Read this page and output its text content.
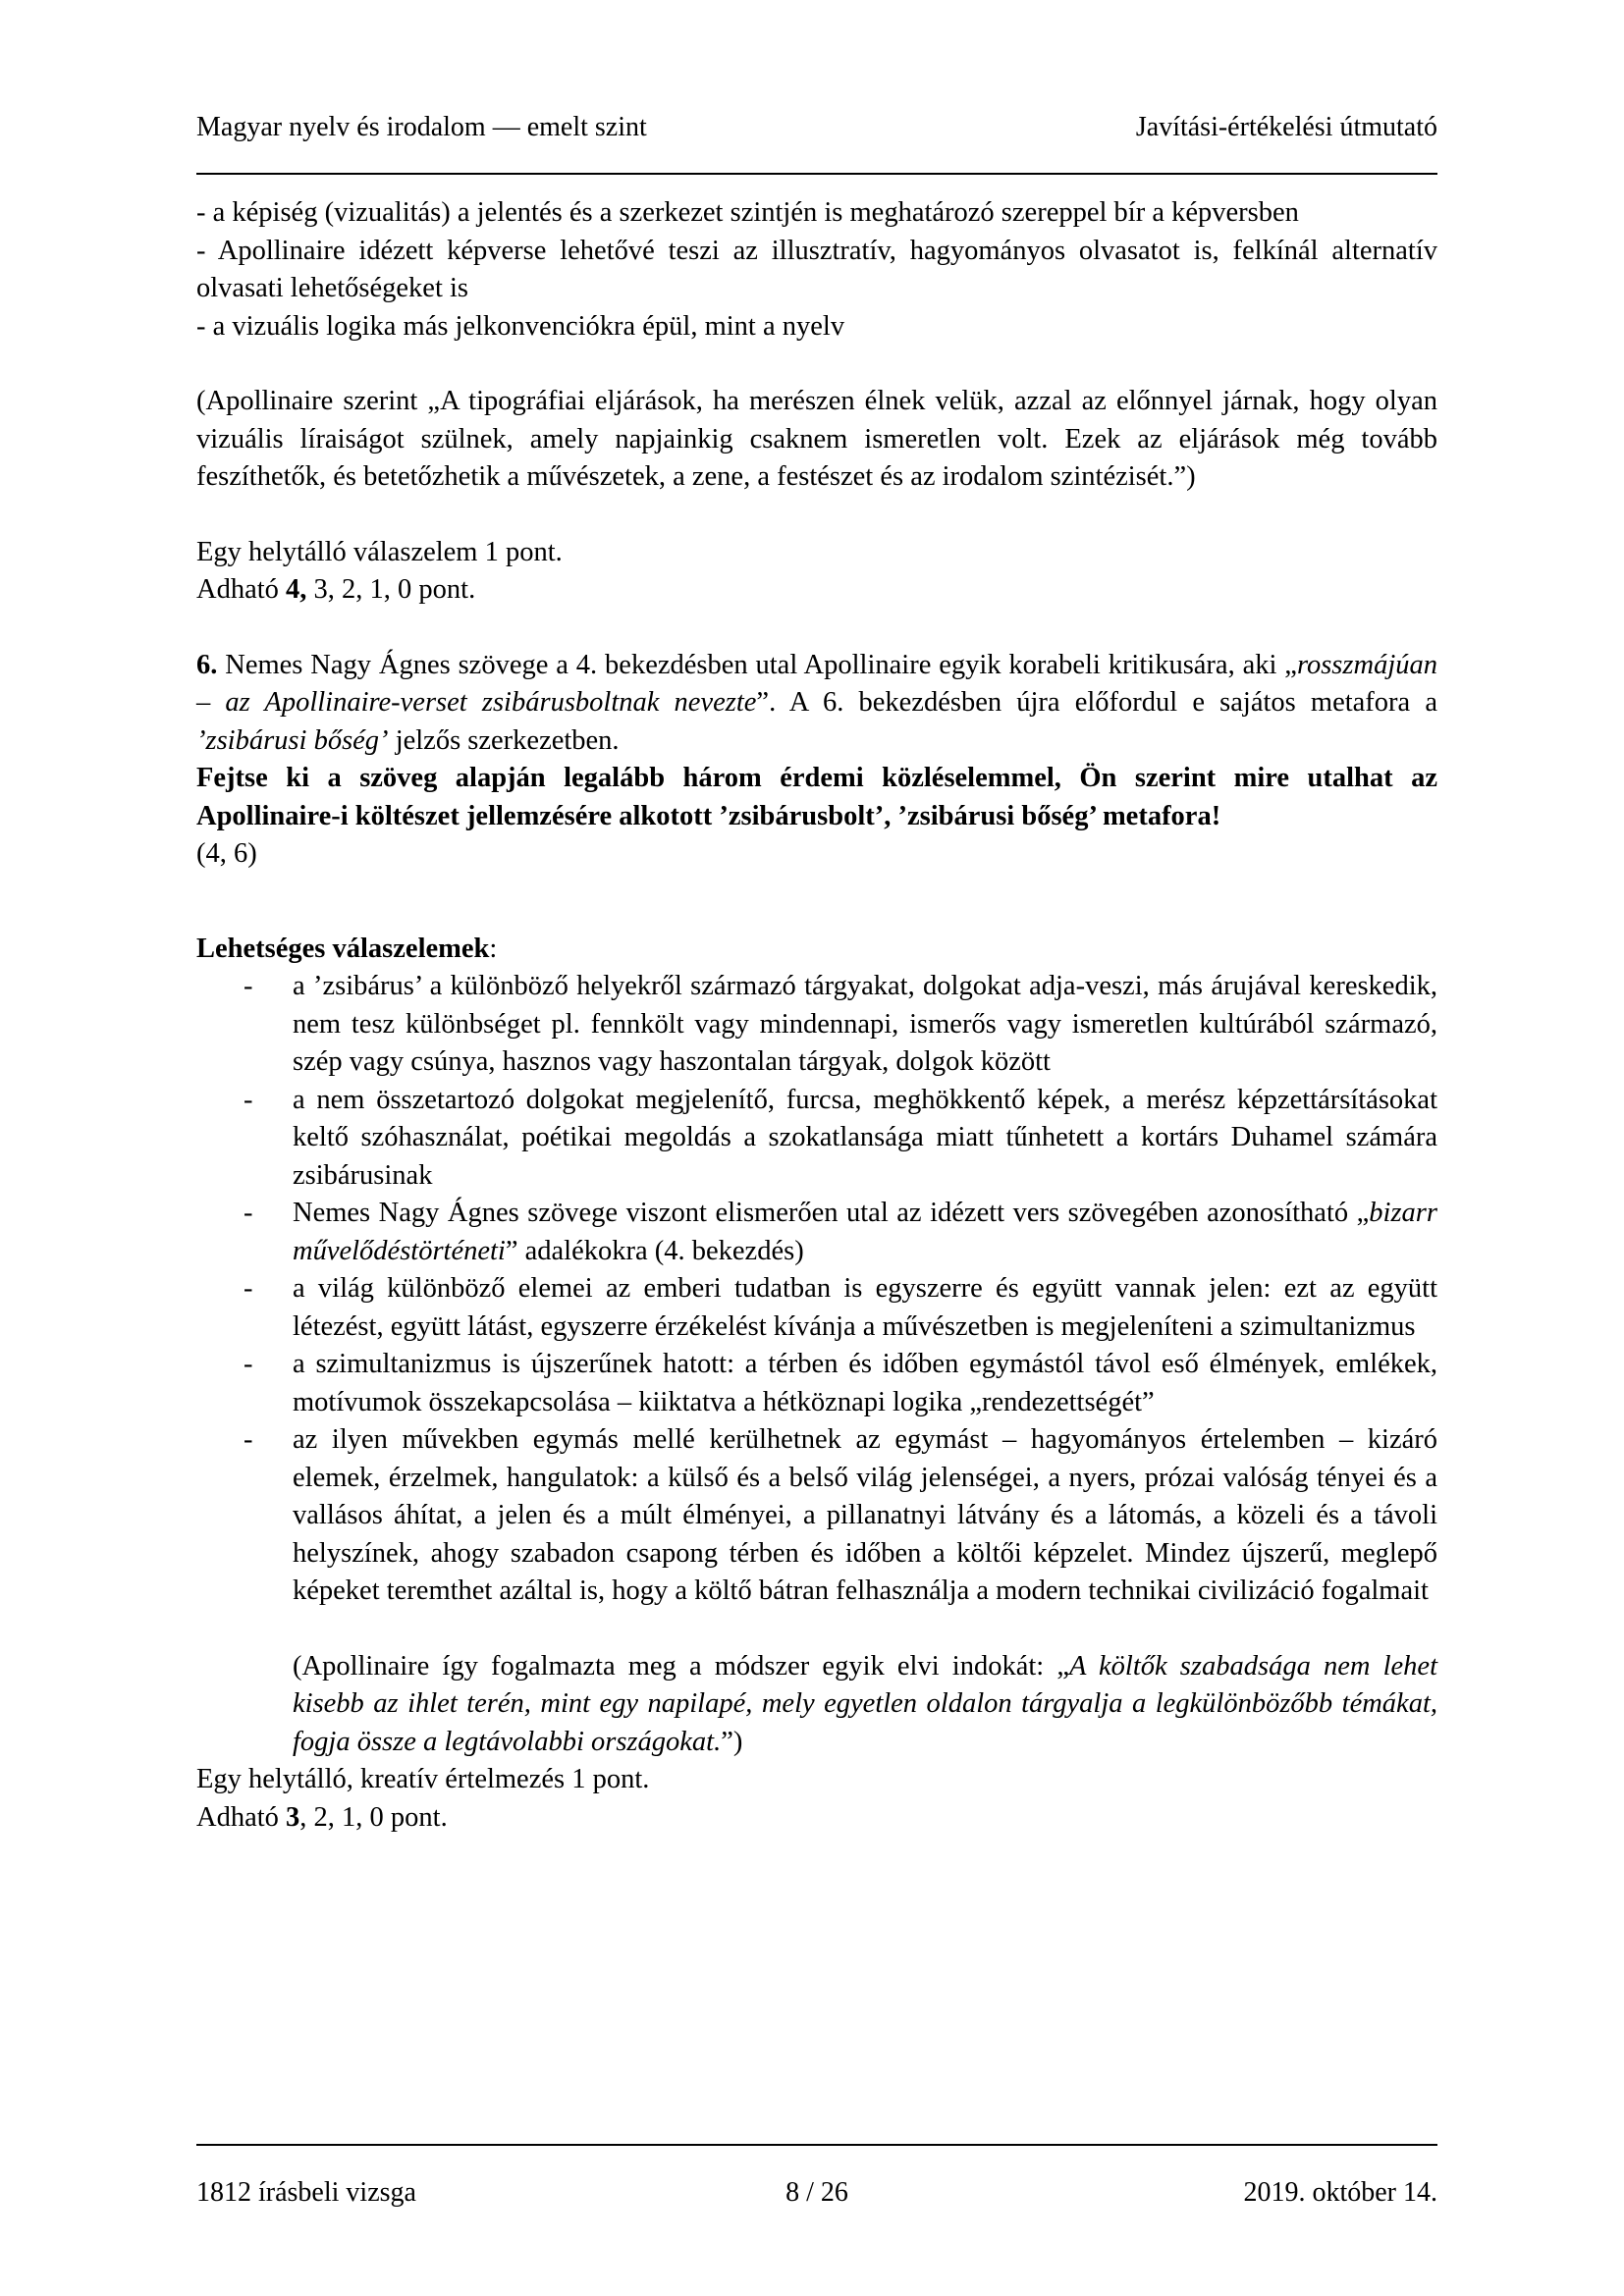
Magyar nyelv és irodalom — emelt szint	Javítási-értékelési útmutató

- a képiség (vizualitás) a jelentés és a szerkezet szintjén is meghatározó szereppel bír a képversben

- Apollinaire idézett képverse lehetővé teszi az illusztratív, hagyományos olvasatot is, felkínál alternatív olvasati lehetőségeket is

- a vizuális logika más jelkonvenciókra épül, mint a nyelv

(Apollinaire szerint „A tipográfiai eljárások, ha merészen élnek velük, azzal az előnnyel járnak, hogy olyan vizuális líraiságot szülnek, amely napjainkig csaknem ismeretlen volt. Ezek az eljárások még tovább feszíthetők, és betetőzhetik a művészetek, a zene, a festészet és az irodalom szintézisét.”)

Egy helytálló válaszelem 1 pont.

Adható 4, 3, 2, 1, 0 pont.

6. Nemes Nagy Ágnes szövege a 4. bekezdésben utal Apollinaire egyik korabeli kritikusára, aki „rosszmájúan – az Apollinaire-verset zsibárusboltnak nevezte”. A 6. bekezdésben újra előfordul e sajátos metafora a ’zsibárusi bőség’ jelzős szerkezetben.

Fejtse ki a szöveg alapján legalább három érdemi közléselemmel, Ön szerint mire utalhat az Apollinaire-i költészet jellemzésére alkotott ’zsibárusbolt’, ’zsibárusi bőség’ metafora!

(4, 6)

Lehetséges válaszelemek:

- a ’zsibárus’ a különböző helyekről származó tárgyakat, dolgokat adja-veszi, más árujával kereskedik, nem tesz különbséget pl. fennkölt vagy mindennapi, ismerős vagy ismeretlen kultúrából származó, szép vagy csúnya, hasznos vagy haszontalan tárgyak, dolgok között
- a nem összetartozó dolgokat megjelenítő, furcsa, meghökkentő képek, a merész képzettársításokat keltő szóhasználat, poétikai megoldás a szokatlansága miatt tűnhetett a kortárs Duhamel számára zsibárusinak
- Nemes Nagy Ágnes szövege viszont elismerően utal az idézett vers szövegében azonosítható „bizarr művelődéstörténeti” adalékokra (4. bekezdés)
- a világ különböző elemei az emberi tudatban is egyszerre és együtt vannak jelen: ezt az együtt létezést, együtt látást, egyszerre érzékelést kívánja a művészetben is megjeleníteni a szimultanizmus
- a szimultanizmus is újszerűnek hatott: a térben és időben egymástól távol eső élmények, emlékek, motívumok összekapcsolása – kiiktatva a hétköznapi logika „rendezettségét”
- az ilyen művekben egymás mellé kerülhetnek az egymást – hagyományos értelemben – kizáró elemek, érzelmek, hangulatok: a külső és a belső világ jelenségei, a nyers, prózai valóság tényei és a vallásos áhítat, a jelen és a múlt élményei, a pillanatnyi látvány és a látomás, a közeli és a távoli helyszínek, ahogy szabadon csapong térben és időben a költői képzelet. Mindez újszerű, meglepő képeket teremthet azáltal is, hogy a költő bátran felhasználja a modern technikai civilizáció fogalmait

(Apollinaire így fogalmazta meg a módszer egyik elvi indokát: „A költők szabadsága nem lehet kisebb az ihlet terén, mint egy napilapé, mely egyetlen oldalon tárgyalja a legkülönbözőbb témákat, fogja össze a legtávolabbi országokat.”)

Egy helytálló, kreatív értelmezés 1 pont.

Adható 3, 2, 1, 0 pont.

1812 írásbeli vizsga	8 / 26	2019. október 14.
